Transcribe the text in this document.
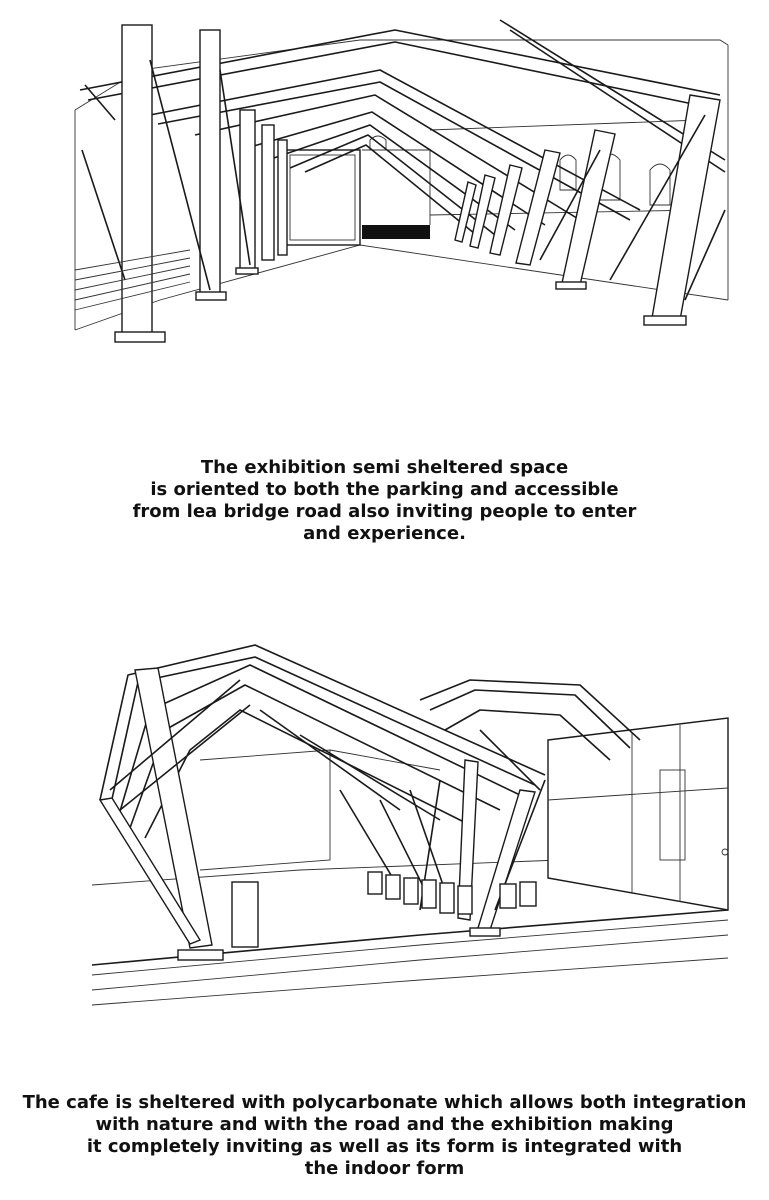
The exhibition semi sheltered space
is oriented to both the parking and accessible
from lea bridge road also inviting people to enter
and experience.
The cafe is sheltered with polycarbonate which allows both integration
with nature and with the road and the exhibition making
it completely inviting as well as its form is integrated with
the indoor form
